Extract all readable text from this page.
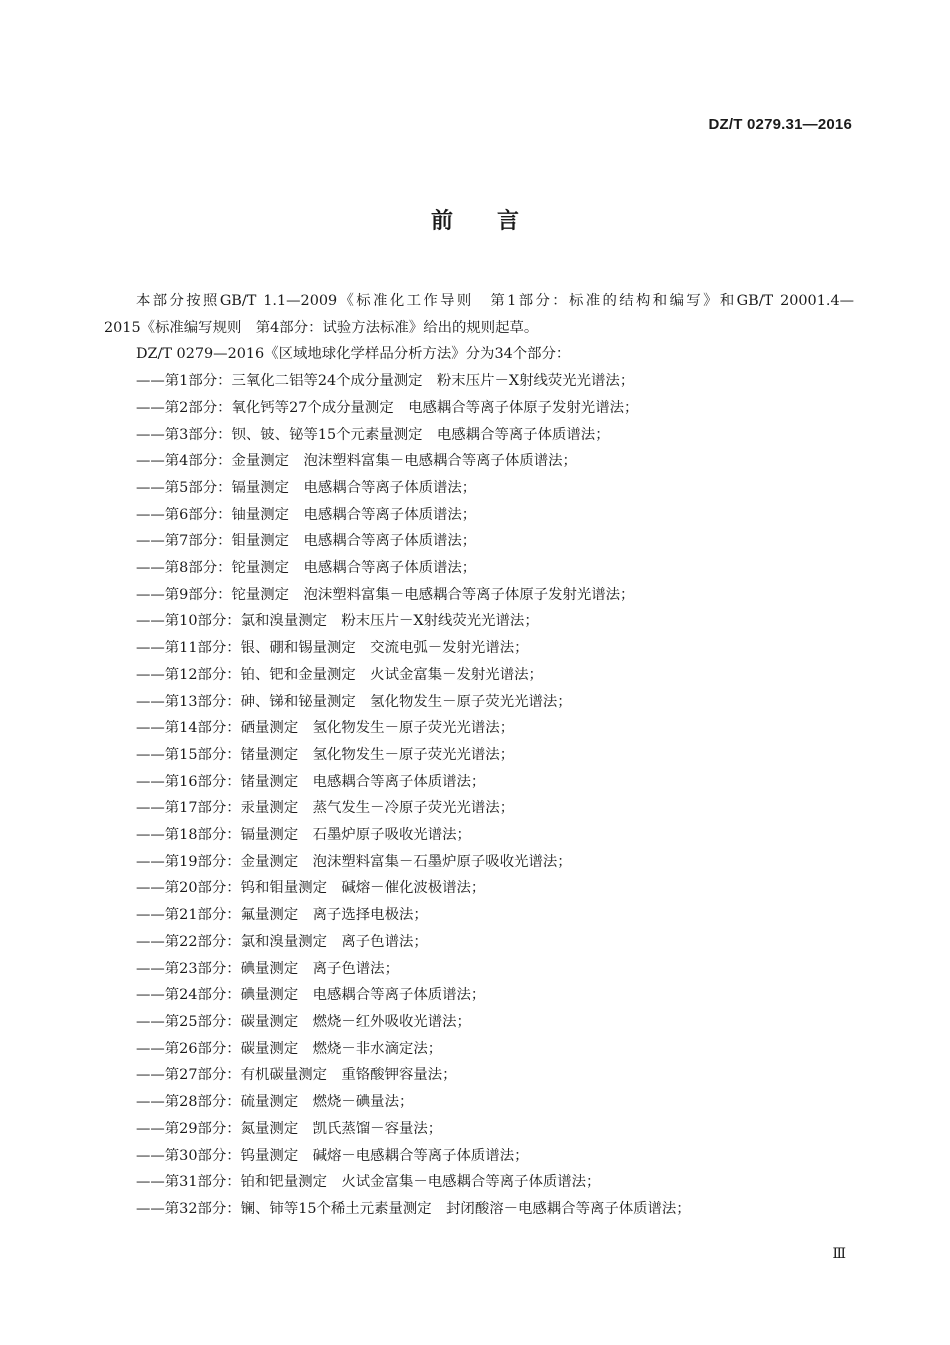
DZ/T 0279.31—2016
前言
本部分按照GB/T 1.1—2009《标准化工作导则　第1部分：标准的结构和编写》和GB/T 20001.4—
2015《标准编写规则　第4部分：试验方法标准》给出的规则起草。
DZ/T 0279—2016《区域地球化学样品分析方法》分为34个部分：
——第1部分：三氧化二铝等24个成分量测定　粉末压片－X射线荧光光谱法；
——第2部分：氧化钙等27个成分量测定　电感耦合等离子体原子发射光谱法；
——第3部分：钡、铍、铋等15个元素量测定　电感耦合等离子体质谱法；
——第4部分：金量测定　泡沫塑料富集－电感耦合等离子体质谱法；
——第5部分：镉量测定　电感耦合等离子体质谱法；
——第6部分：铀量测定　电感耦合等离子体质谱法；
——第7部分：钼量测定　电感耦合等离子体质谱法；
——第8部分：铊量测定　电感耦合等离子体质谱法；
——第9部分：铊量测定　泡沫塑料富集－电感耦合等离子体原子发射光谱法；
——第10部分：氯和溴量测定　粉末压片－X射线荧光光谱法；
——第11部分：银、硼和锡量测定　交流电弧－发射光谱法；
——第12部分：铂、钯和金量测定　火试金富集－发射光谱法；
——第13部分：砷、锑和铋量测定　氢化物发生－原子荧光光谱法；
——第14部分：硒量测定　氢化物发生－原子荧光光谱法；
——第15部分：锗量测定　氢化物发生－原子荧光光谱法；
——第16部分：锗量测定　电感耦合等离子体质谱法；
——第17部分：汞量测定　蒸气发生－冷原子荧光光谱法；
——第18部分：镉量测定　石墨炉原子吸收光谱法；
——第19部分：金量测定　泡沫塑料富集－石墨炉原子吸收光谱法；
——第20部分：钨和钼量测定　碱熔－催化波极谱法；
——第21部分：氟量测定　离子选择电极法；
——第22部分：氯和溴量测定　离子色谱法；
——第23部分：碘量测定　离子色谱法；
——第24部分：碘量测定　电感耦合等离子体质谱法；
——第25部分：碳量测定　燃烧－红外吸收光谱法；
——第26部分：碳量测定　燃烧－非水滴定法；
——第27部分：有机碳量测定　重铬酸钾容量法；
——第28部分：硫量测定　燃烧－碘量法；
——第29部分：氮量测定　凯氏蒸馏－容量法；
——第30部分：钨量测定　碱熔－电感耦合等离子体质谱法；
——第31部分：铂和钯量测定　火试金富集－电感耦合等离子体质谱法；
——第32部分：镧、铈等15个稀土元素量测定　封闭酸溶－电感耦合等离子体质谱法；
Ⅲ
